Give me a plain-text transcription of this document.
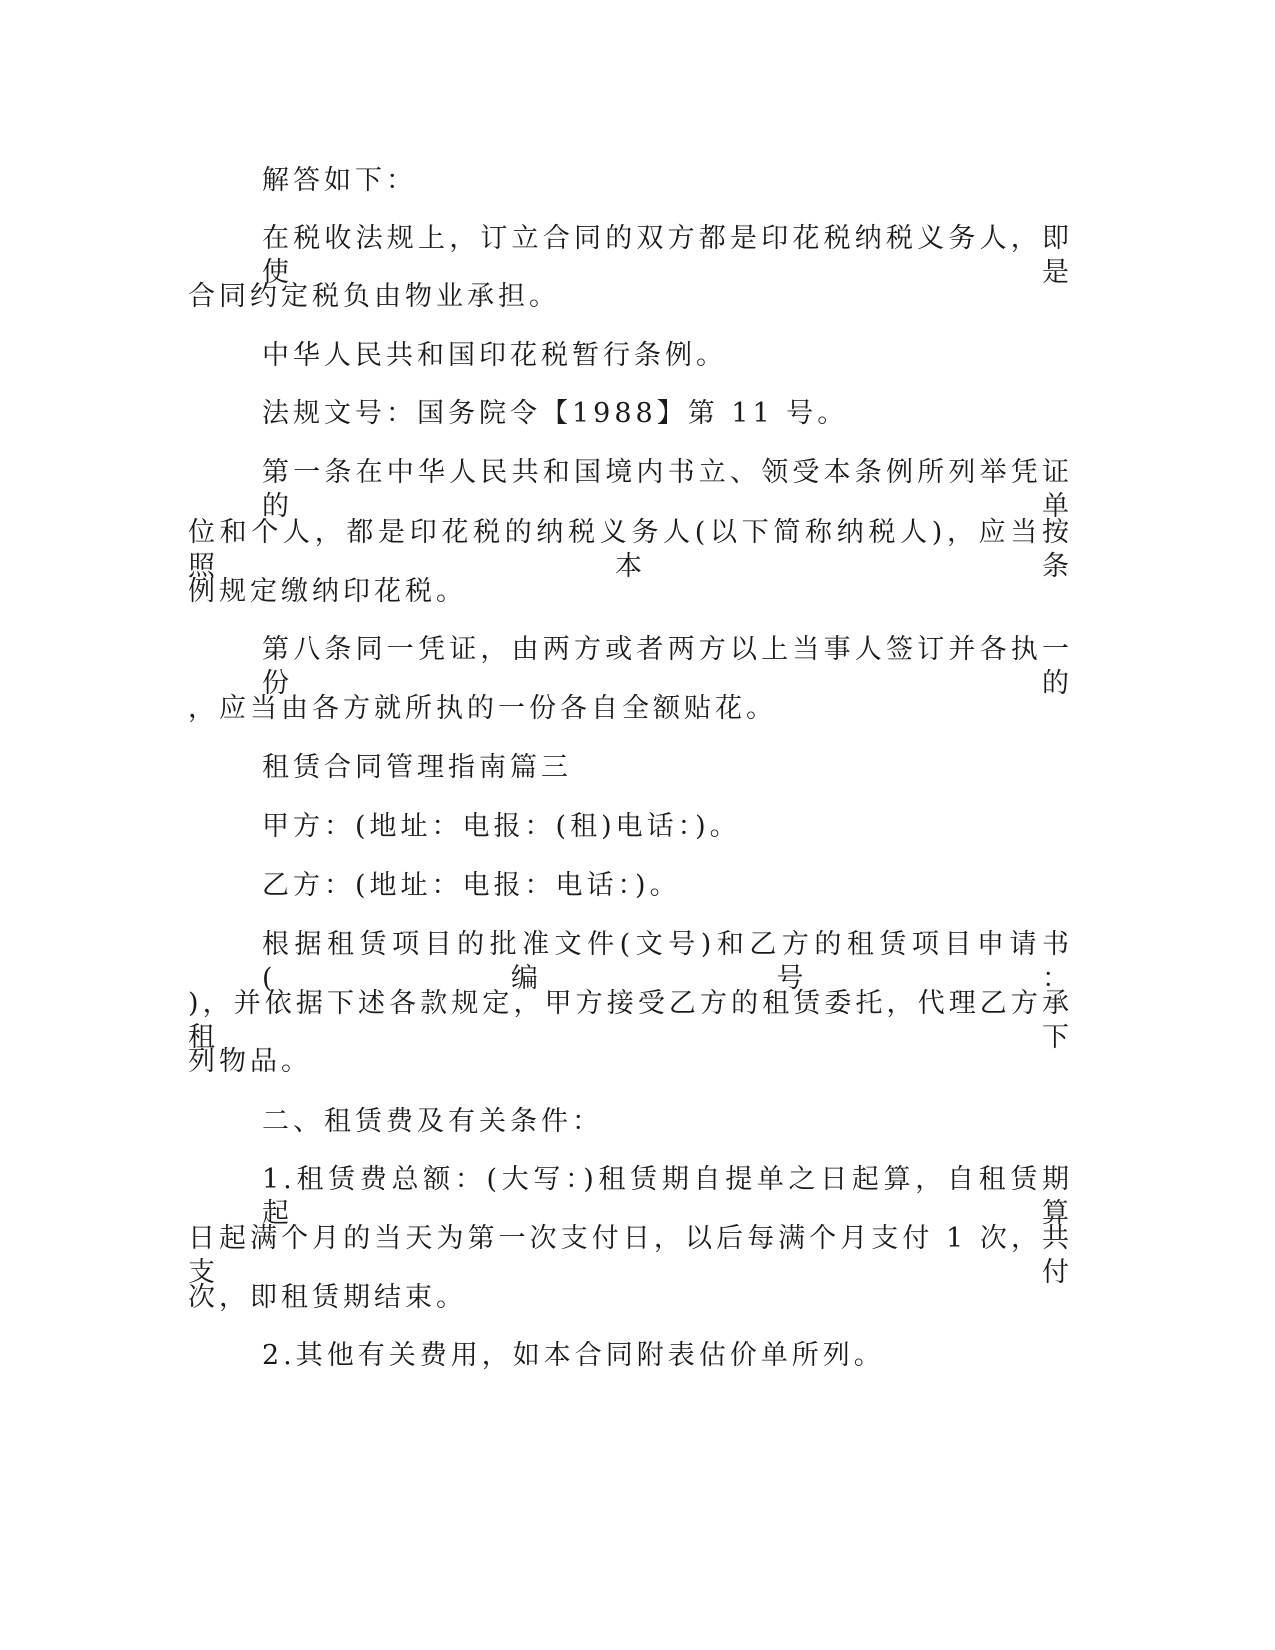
解答如下：
在税收法规上，订立合同的双方都是印花税纳税义务人，即使是
合同约定税负由物业承担。
中华人民共和国印花税暂行条例。
法规文号：国务院令【1988】第 11 号。
第一条在中华人民共和国境内书立、领受本条例所列举凭证的单
位和个人，都是印花税的纳税义务人(以下简称纳税人)，应当按照本条
例规定缴纳印花税。
第八条同一凭证，由两方或者两方以上当事人签订并各执一份的
，应当由各方就所执的一份各自全额贴花。
租赁合同管理指南篇三
甲方：(地址：电报：(租)电话：)。
乙方：(地址：电报：电话：)。
根据租赁项目的批准文件(文号)和乙方的租赁项目申请书(编号：
)，并依据下述各款规定，甲方接受乙方的租赁委托，代理乙方承租下
列物品。
二、租赁费及有关条件：
1.租赁费总额：(大写：)租赁期自提单之日起算，自租赁期起算
日起满个月的当天为第一次支付日，以后每满个月支付 1 次，共支付
次，即租赁期结束。
2.其他有关费用，如本合同附表估价单所列。
